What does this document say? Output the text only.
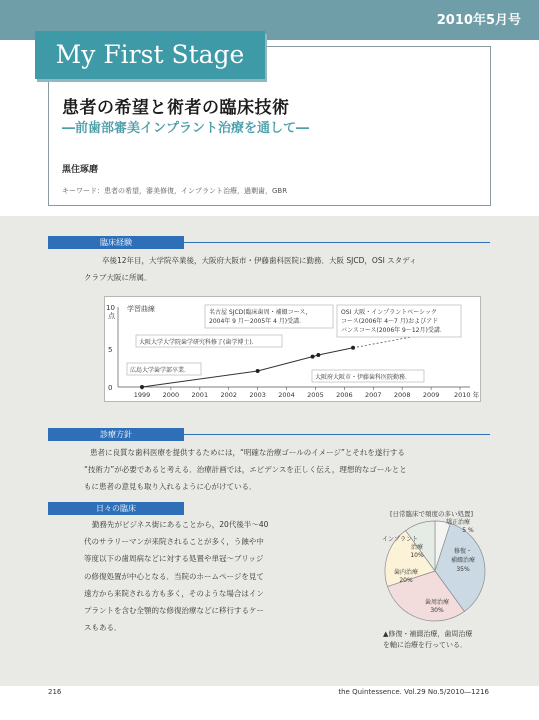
2010年5月号
My First Stage
患者の希望と術者の臨床技術
―前歯部審美インプラント治療を通して―
黒住琢磨
キーワード：患者の希望，審美修復，インプラント治療，過剰歯，GBR
臨床経験
卒後12年目，大学院卒業後，大阪府大阪市・伊藤歯科医院に勤務．大阪 SJCD，OSI スタディ
クラブ大阪に所属．
学習曲線
10
点
5
0
1999 2000 2001 2002 2003 2004 2005 2006 2007 2008 2009 2010 年
広島大学歯学部卒業．
大阪大学大学院歯学研究科修了(歯学博士)．
名古屋 SJCD(臨床歯周・補綴コース，
2004年 9 月～2005年 4 月)受講．
OSI 大阪・インプラントベーシック
コース(2006年 4～7 月)およびアド
バンスコース(2006年 9～12月)受講．
大阪府大阪市・伊藤歯科医院勤務．
診療方針
患者に良質な歯科医療を提供するためには，“明確な治療ゴールのイメージ”とそれを遂行する
“技術力”が必要であると考える．治療計画では，エビデンスを正しく伝え，理想的なゴールとと
もに患者の意見も取り入れるように心がけている．
日々の臨床
勤務先がビジネス街にあることから，20代後半～40
代のサラリーマンが来院されることが多く，う蝕や中
等度以下の歯周病などに対する処置や単冠～ブリッジ
の修復処置が中心となる．当院のホームページを見て
遠方から来院される方も多く，そのような場合はイン
プラントを含む全顎的な修復治療などに移行するケー
スもある．
[日常臨床で頻度の多い処置]
矯正治療
5 %
修復・
補綴治療
35%
歯周治療
30%
歯内治療
20%
インプラント
治療
10%
▲修復・補綴治療，歯周治療
を軸に治療を行っている．
216	the Quintessence. Vol.29 No.5/2010―1216
